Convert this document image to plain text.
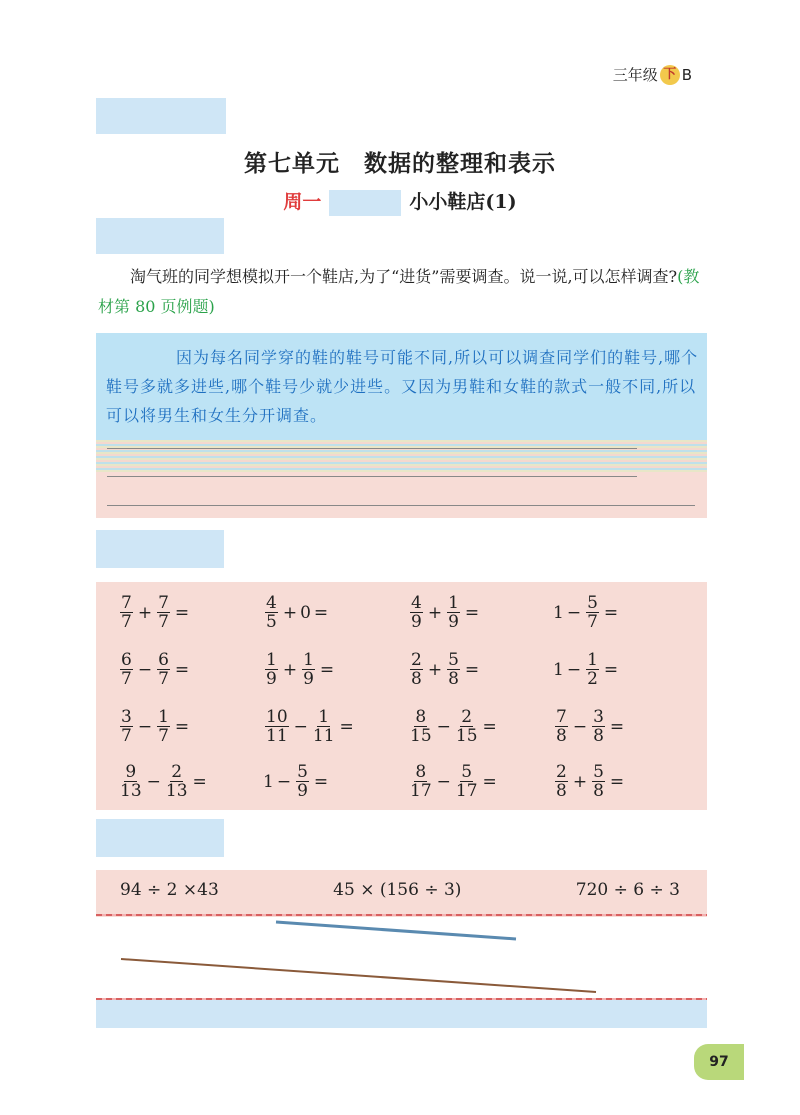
三年级 下 B
第七单元　数据的整理和表示
周一	小小鞋店(1)
淘气班的同学想模拟开一个鞋店,为了“进货”需要调查。说一说,可以怎样调查?(教材第 80 页例题)
因为每名同学穿的鞋的鞋号可能不同,所以可以调查同学们的鞋号,哪个鞋号多就多进些,哪个鞋号少就少进些。又因为男鞋和女鞋的款式一般不同,所以可以将男生和女生分开调查。
$\frac{7}{7} + \frac{7}{7}$ =	$\frac{4}{5} + 0$ =	$\frac{4}{9} + \frac{1}{9}$ =	$1 - \frac{5}{7}$ =
$\frac{6}{7} - \frac{6}{7}$ =	$\frac{1}{9} + \frac{1}{9}$ =	$\frac{2}{8} + \frac{5}{8}$ =	$1 - \frac{1}{2}$ =
$\frac{3}{7} - \frac{1}{7}$ =	$\frac{10}{11} - \frac{1}{11}$ =	$\frac{8}{15} - \frac{2}{15}$ =	$\frac{7}{8} - \frac{3}{8}$ =
$\frac{9}{13} - \frac{2}{13}$ =	$1 - \frac{5}{9}$ =	$\frac{8}{17} - \frac{5}{17}$ =	$\frac{2}{8} + \frac{5}{8}$ =
94 ÷ 2 ×43	45 × (156 ÷ 3)	720 ÷ 6 ÷ 3
97
